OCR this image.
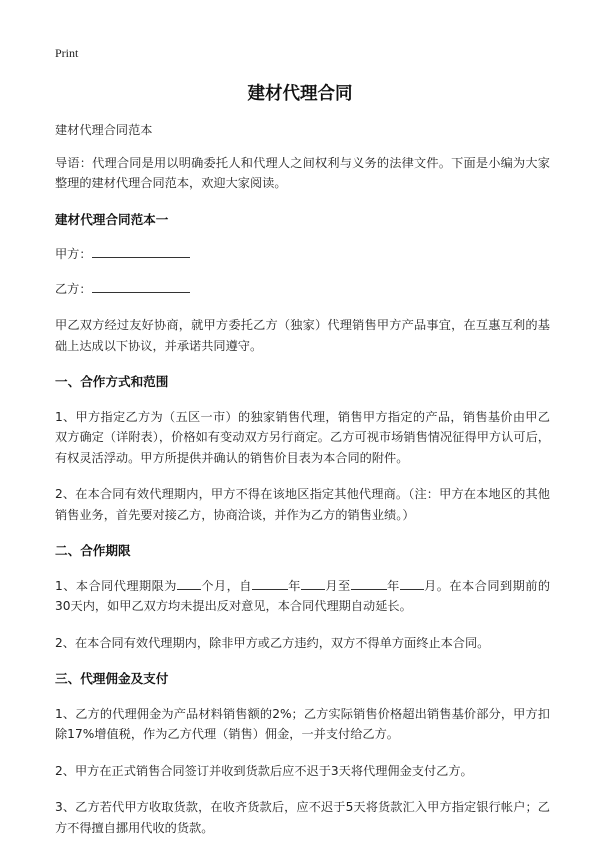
Print
建材代理合同

建材代理合同范本

导语：代理合同是用以明确委托人和代理人之间权利与义务的法律文件。下面是小编为大家整理的建材代理合同范本，欢迎大家阅读。

建材代理合同范本一
甲方：
乙方：

甲乙双方经过友好协商，就甲方委托乙方（独家）代理销售甲方产品事宜，在互惠互利的基础上达成以下协议，并承诺共同遵守。

一、合作方式和范围

1、甲方指定乙方为（五区一市）的独家销售代理，销售甲方指定的产品，销售基价由甲乙双方确定（详附表），价格如有变动双方另行商定。乙方可视市场销售情况征得甲方认可后，有权灵活浮动。甲方所提供并确认的销售价目表为本合同的附件。

2、在本合同有效代理期内，甲方不得在该地区指定其他代理商。（注：甲方在本地区的其他销售业务，首先要对接乙方，协商洽谈，并作为乙方的销售业绩。）

二、合作期限

1、本合同代理期限为 个月，自	年 月至	年 月。在本合同到期前的30天内，如甲乙双方均未提出反对意见，本合同代理期自动延长。

2、在本合同有效代理期内，除非甲方或乙方违约，双方不得单方面终止本合同。

三、代理佣金及支付

1、乙方的代理佣金为产品材料销售额的2%；乙方实际销售价格超出销售基价部分，甲方扣除17%增值税，作为乙方代理（销售）佣金，一并支付给乙方。

2、甲方在正式销售合同签订并收到货款后应不迟于3天将代理佣金支付乙方。

3、乙方若代甲方收取货款，在收齐货款后，应不迟于5天将货款汇入甲方指定银行帐户；乙方不得擅自挪用代收的货款。
